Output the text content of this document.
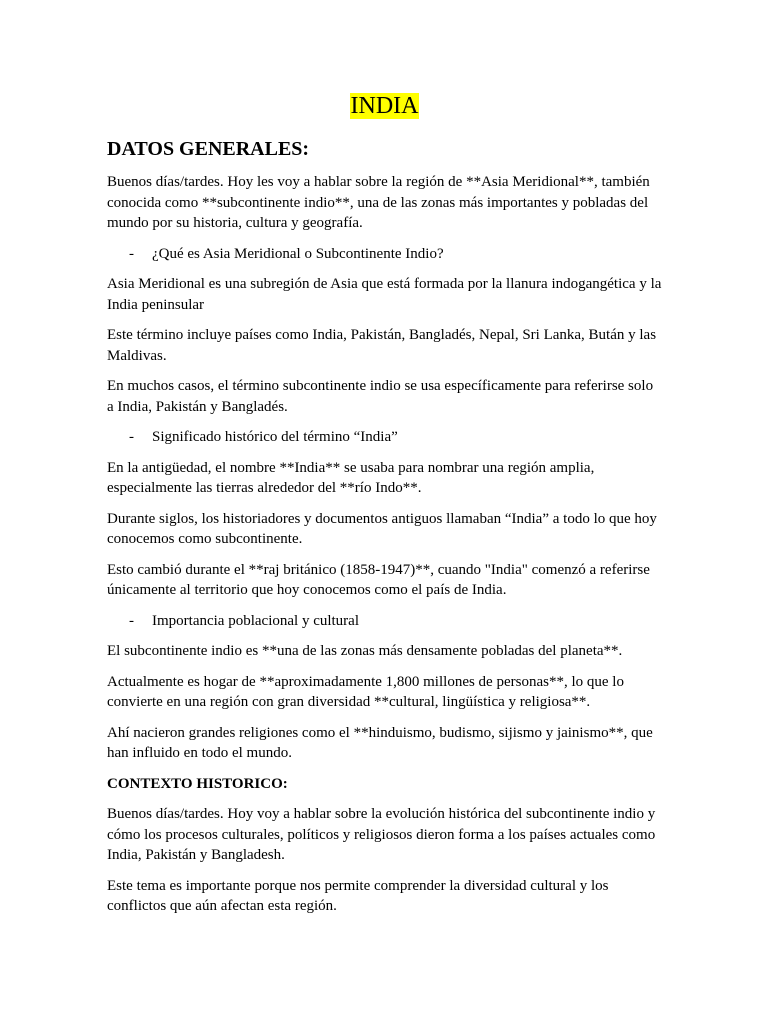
INDIA
DATOS GENERALES:

Buenos días/tardes. Hoy les voy a hablar sobre la región de **Asia Meridional**, también conocida como **subcontinente indio**, una de las zonas más importantes y pobladas del mundo por su historia, cultura y geografía.

- ¿Qué es Asia Meridional o Subcontinente Indio?

Asia Meridional es una subregión de Asia que está formada por la llanura indogangética y la India peninsular

Este término incluye países como India, Pakistán, Bangladés, Nepal, Sri Lanka, Bután y las Maldivas.

En muchos casos, el término subcontinente indio se usa específicamente para referirse solo a India, Pakistán y Bangladés.

- Significado histórico del término “India”

En la antigüedad, el nombre **India** se usaba para nombrar una región amplia, especialmente las tierras alrededor del **río Indo**.

Durante siglos, los historiadores y documentos antiguos llamaban “India” a todo lo que hoy conocemos como subcontinente.

Esto cambió durante el **raj británico (1858-1947)**, cuando "India" comenzó a referirse únicamente al territorio que hoy conocemos como el país de India.

- Importancia poblacional y cultural

El subcontinente indio es **una de las zonas más densamente pobladas del planeta**.

Actualmente es hogar de **aproximadamente 1,800 millones de personas**, lo que lo convierte en una región con gran diversidad **cultural, lingüística y religiosa**.

Ahí nacieron grandes religiones como el **hinduismo, budismo, sijismo y jainismo**, que han influido en todo el mundo.

CONTEXTO HISTORICO:

Buenos días/tardes. Hoy voy a hablar sobre la evolución histórica del subcontinente indio y cómo los procesos culturales, políticos y religiosos dieron forma a los países actuales como India, Pakistán y Bangladesh.

Este tema es importante porque nos permite comprender la diversidad cultural y los conflictos que aún afectan esta región.
